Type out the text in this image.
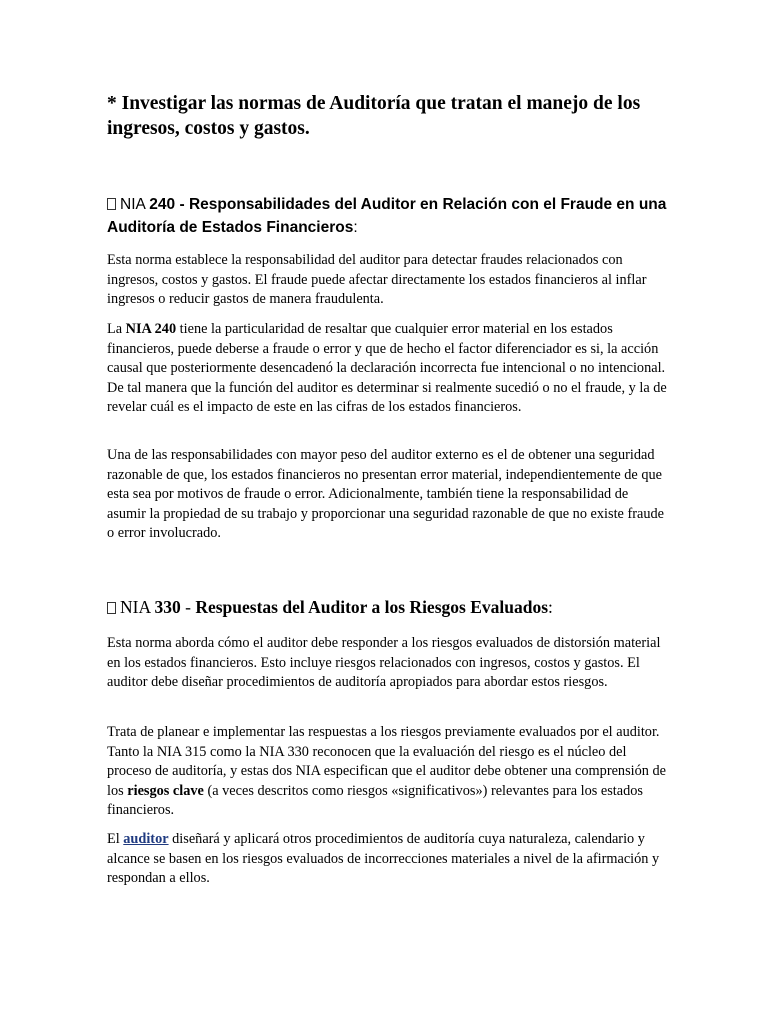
* Investigar las normas de Auditoría que tratan el manejo de los ingresos, costos y gastos.
NIA 240 - Responsabilidades del Auditor en Relación con el Fraude en una Auditoría de Estados Financieros:
Esta norma establece la responsabilidad del auditor para detectar fraudes relacionados con ingresos, costos y gastos. El fraude puede afectar directamente los estados financieros al inflar ingresos o reducir gastos de manera fraudulenta.
La NIA 240 tiene la particularidad de resaltar que cualquier error material en los estados financieros, puede deberse a fraude o error y que de hecho el factor diferenciador es si, la acción causal que posteriormente desencadenó la declaración incorrecta fue intencional o no intencional. De tal manera que la función del auditor es determinar si realmente sucedió o no el fraude, y la de revelar cuál es el impacto de este en las cifras de los estados financieros.
Una de las responsabilidades con mayor peso del auditor externo es el de obtener una seguridad razonable de que, los estados financieros no presentan error material, independientemente de que esta sea por motivos de fraude o error. Adicionalmente, también tiene la responsabilidad de asumir la propiedad de su trabajo y proporcionar una seguridad razonable de que no existe fraude o error involucrado.
NIA 330 - Respuestas del Auditor a los Riesgos Evaluados:
Esta norma aborda cómo el auditor debe responder a los riesgos evaluados de distorsión material en los estados financieros. Esto incluye riesgos relacionados con ingresos, costos y gastos. El auditor debe diseñar procedimientos de auditoría apropiados para abordar estos riesgos.
Trata de planear e implementar las respuestas a los riesgos previamente evaluados por el auditor. Tanto la NIA 315 como la NIA 330 reconocen que la evaluación del riesgo es el núcleo del proceso de auditoría, y estas dos NIA especifican que el auditor debe obtener una comprensión de los riesgos clave (a veces descritos como riesgos «significativos») relevantes para los estados financieros.
El auditor diseñará y aplicará otros procedimientos de auditoría cuya naturaleza, calendario y alcance se basen en los riesgos evaluados de incorrecciones materiales a nivel de la afirmación y respondan a ellos.
